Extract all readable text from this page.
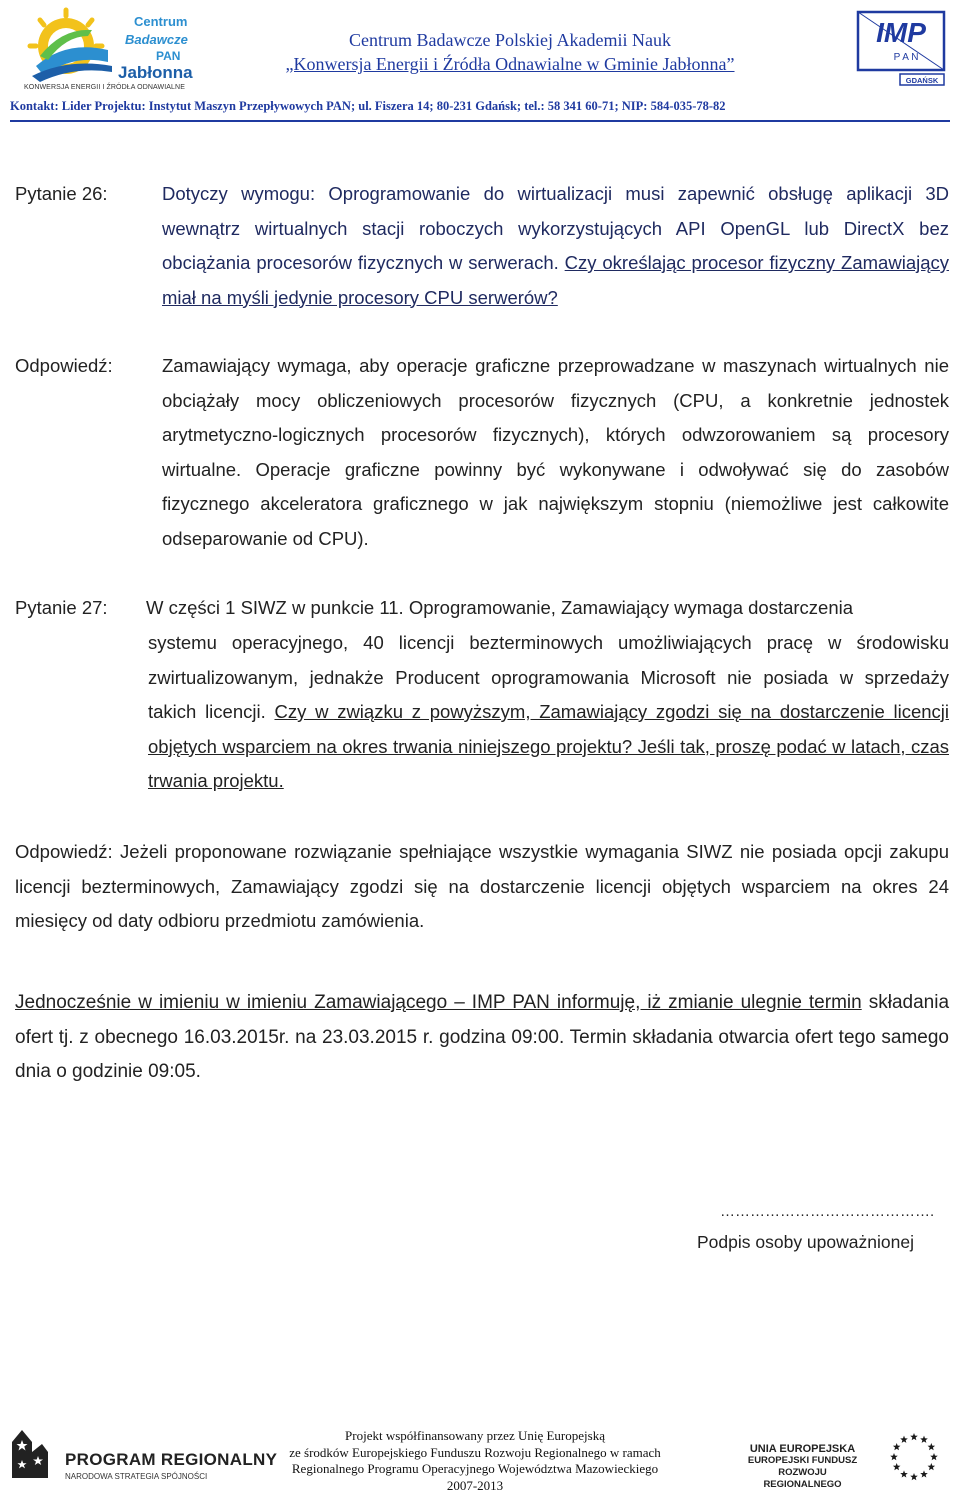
Centrum
Badawcze
PAN
Jabłonna
KONWERSJA ENERGII I ŹRÓDŁA ODNAWIALNE
Centrum Badawcze Polskiej Akademii Nauk
„Konwersja Energii i Źródła Odnawialne w Gminie Jabłonna”
IMP
P A N
GDAŃSK
Kontakt: Lider Projektu: Instytut Maszyn Przepływowych PAN; ul. Fiszera 14; 80-231 Gdańsk; tel.: 58 341 60-71; NIP: 584-035-78-82
Pytanie 26:	Dotyczy wymogu: Oprogramowanie do wirtualizacji musi zapewnić obsługę aplikacji 3D wewnątrz wirtualnych stacji roboczych wykorzystujących API OpenGL lub DirectX bez obciążania procesorów fizycznych w serwerach. Czy określając procesor fizyczny Zamawiający miał na myśli jedynie procesory CPU serwerów?
Odpowiedź:	Zamawiający wymaga, aby operacje graficzne przeprowadzane w maszynach wirtualnych nie obciążały mocy obliczeniowych procesorów fizycznych (CPU, a konkretnie jednostek arytmetyczno-logicznych procesorów fizycznych), których odwzorowaniem są procesory wirtualne. Operacje graficzne powinny być wykonywane i odwoływać się do zasobów fizycznego akceleratora graficznego w jak największym stopniu (niemożliwe jest całkowite odseparowanie od CPU).
Pytanie 27: W części 1 SIWZ w punkcie 11. Oprogramowanie, Zamawiający wymaga dostarczenia
systemu operacyjnego, 40 licencji bezterminowych umożliwiających pracę w środowisku zwirtualizowanym, jednakże Producent oprogramowania Microsoft nie posiada w sprzedaży takich licencji. Czy w związku z powyższym, Zamawiający zgodzi się na dostarczenie licencji objętych wsparciem na okres trwania niniejszego projektu? Jeśli tak, proszę podać w latach, czas trwania projektu.
Odpowiedź: Jeżeli proponowane rozwiązanie spełniające wszystkie wymagania SIWZ nie posiada opcji zakupu licencji bezterminowych, Zamawiający zgodzi się na dostarczenie licencji objętych wsparciem na okres 24 miesięcy od daty odbioru przedmiotu zamówienia.
Jednocześnie w imieniu w imieniu Zamawiającego – IMP PAN informuję, iż zmianie ulegnie termin składania ofert tj. z obecnego 16.03.2015r. na 23.03.2015 r. godzina 09:00. Termin składania otwarcia ofert tego samego dnia o godzinie 09:05.
…………………………………….
Podpis osoby upoważnionej
PROGRAM REGIONALNY
NARODOWA STRATEGIA SPÓJNOŚCI
Projekt współfinansowany przez Unię Europejską
ze środków Europejskiego Funduszu Rozwoju Regionalnego w ramach
Regionalnego Programu Operacyjnego Województwa Mazowieckiego
2007-2013
UNIA EUROPEJSKA
EUROPEJSKI FUNDUSZ
ROZWOJU REGIONALNEGO
